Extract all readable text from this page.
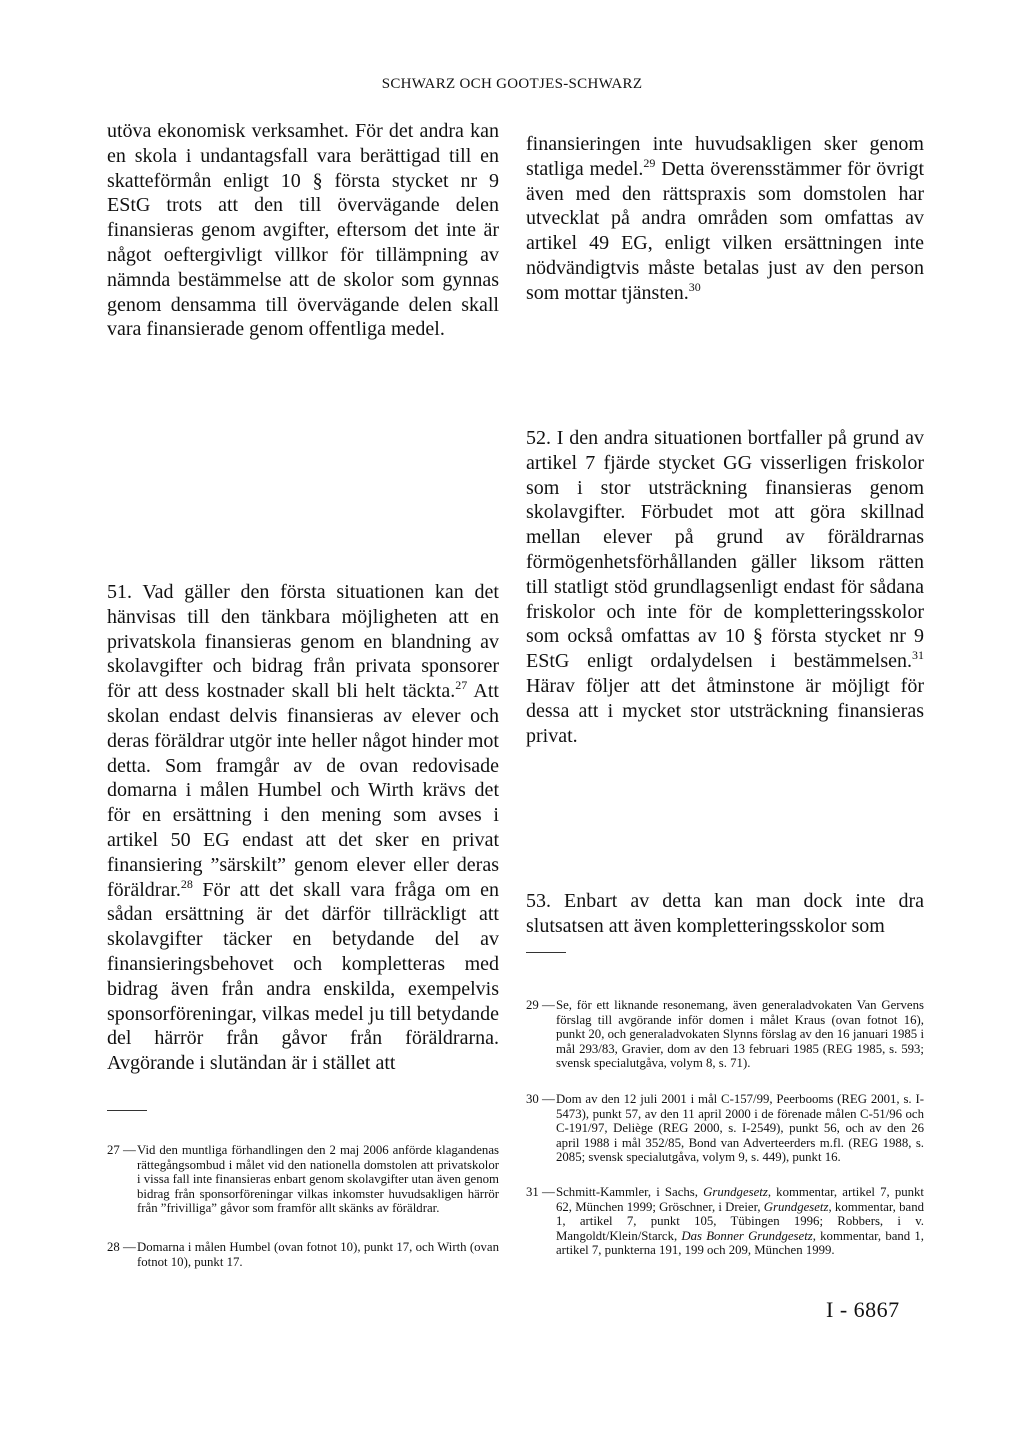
SCHWARZ OCH GOOTJES-SCHWARZ

utöva ekonomisk verksamhet. För det andra kan en skola i undantagsfall vara berättigad till en skatteförmån enligt 10 § första stycket nr 9 EStG trots att den till övervägande delen finansieras genom avgifter, eftersom det inte är något oeftergivligt villkor för tillämpning av nämnda bestämmelse att de skolor som gynnas genom densamma till övervägande delen skall vara finansierade genom offentliga medel.

51. Vad gäller den första situationen kan det hänvisas till den tänkbara möjligheten att en privatskola finansieras genom en blandning av skolavgifter och bidrag från privata sponsorer för att dess kostnader skall bli helt täckta.$^{27}$ Att skolan endast delvis finansieras av elever och deras föräldrar utgör inte heller något hinder mot detta. Som framgår av de ovan redovisade domarna i målen Humbel och Wirth krävs det för en ersättning i den mening som avses i artikel 50 EG endast att det sker en privat finansiering ”särskilt” genom elever eller deras föräldrar.$^{28}$ För att det skall vara fråga om en sådan ersättning är det därför tillräckligt att skolavgifter täcker en betydande del av finansieringsbehovet och kompletteras med bidrag även från andra enskilda, exempelvis sponsorföreningar, vilkas medel ju till betydande del härrör från gåvor från föräldrarna. Avgörande i slutändan är i stället att

finansieringen inte huvudsakligen sker genom statliga medel.$^{29}$ Detta överensstämmer för övrigt även med den rättspraxis som domstolen har utvecklat på andra områden som omfattas av artikel 49 EG, enligt vilken ersättningen inte nödvändigtvis måste betalas just av den person som mottar tjänsten.$^{30}$

52. I den andra situationen bortfaller på grund av artikel 7 fjärde stycket GG visserligen friskolor som i stor utsträckning finansieras genom skolavgifter. Förbudet mot att göra skillnad mellan elever på grund av föräldrarnas förmögenhetsförhållanden gäller liksom rätten till statligt stöd grundlagsenligt endast för sådana friskolor och inte för de kompletteringsskolor som också omfattas av 10 § första stycket nr 9 EStG enligt ordalydelsen i bestämmelsen.$^{31}$ Härav följer att det åtminstone är möjligt för dessa att i mycket stor utsträckning finansieras privat.

53. Enbart av detta kan man dock inte dra slutsatsen att även kompletteringsskolor som

27 — Vid den muntliga förhandlingen den 2 maj 2006 anförde klagandenas rättegångsombud i målet vid den nationella domstolen att privatskolor i vissa fall inte finansieras enbart genom skolavgifter utan även genom bidrag från sponsorföreningar vilkas inkomster huvudsakligen härrör från ”frivilliga” gåvor som framför allt skänks av föräldrar.
28 — Domarna i målen Humbel (ovan fotnot 10), punkt 17, och Wirth (ovan fotnot 10), punkt 17.
29 — Se, för ett liknande resonemang, även generaladvokaten Van Gervens förslag till avgörande inför domen i målet Kraus (ovan fotnot 16), punkt 20, och generaladvokaten Slynns förslag av den 16 januari 1985 i mål 293/83, Gravier, dom av den 13 februari 1985 (REG 1985, s. 593; svensk specialutgåva, volym 8, s. 71).
30 — Dom av den 12 juli 2001 i mål C-157/99, Peerbooms (REG 2001, s. I-5473), punkt 57, av den 11 april 2000 i de förenade målen C-51/96 och C-191/97, Deliège (REG 2000, s. I-2549), punkt 56, och av den 26 april 1988 i mål 352/85, Bond van Adverteerders m.fl. (REG 1988, s. 2085; svensk specialutgåva, volym 9, s. 449), punkt 16.
31 — Schmitt-Kammler, i Sachs, Grundgesetz, kommentar, artikel 7, punkt 62, München 1999; Gröschner, i Dreier, Grundgesetz, kommentar, band 1, artikel 7, punkt 105, Tübingen 1996; Robbers, i v. Mangoldt/Klein/Starck, Das Bonner Grundgesetz, kommentar, band 1, artikel 7, punkterna 191, 199 och 209, München 1999.
I - 6867
